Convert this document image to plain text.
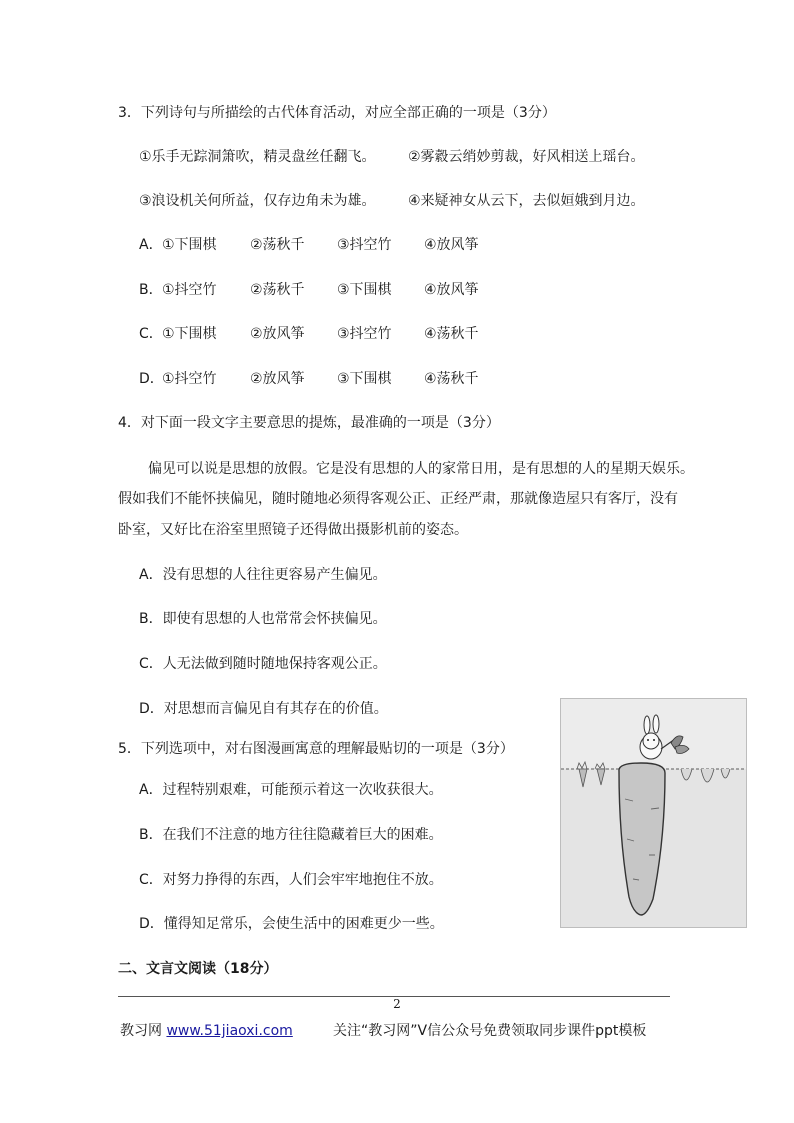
3．下列诗句与所描绘的古代体育活动，对应全部正确的一项是（3分）
①乐手无踪洞箫吹，精灵盘丝任翻飞。 ②雾縠云绡妙剪裁，好风相送上瑶台。
③浪设机关何所益，仅存边角未为雄。 ④来疑神女从云下，去似姮娥到月边。
A． ①下围棋 ②荡秋千 ③抖空竹 ④放风筝
B． ①抖空竹 ②荡秋千 ③下围棋 ④放风筝
C． ①下围棋 ②放风筝 ③抖空竹 ④荡秋千
D．
①抖空竹 ②放风筝 ③下围棋 ④荡秋千
4．对下面一段文字主要意思的提炼，最准确的一项是（3分）
偏见可以说是思想的放假。它是没有思想的人的家常日用，是有思想的人的星期天娱乐。
假如我们不能怀挟偏见，随时随地必须得客观公正、正经严肃，那就像造屋只有客厅，没有
卧室，又好比在浴室里照镜子还得做出摄影机前的姿态。
A．没有思想的人往往更容易产生偏见。
B．即使有思想的人也常常会怀挟偏见。
C．人无法做到随时随地保持客观公正。
D．对思想而言偏见自有其存在的价值。
5．下列选项中，对右图漫画寓意的理解最贴切的一项是（3分）
A．过程特别艰难，可能预示着这一次收获很大。
B．在我们不注意的地方往往隐藏着巨大的困难。
C．对努力挣得的东西，人们会牢牢地抱住不放。
D．懂得知足常乐，会使生活中的困难更少一些。
二、文言文阅读（18分）
2
教习网 www.51jiaoxi.com	关注“教习网”V信公众号免费领取同步课件ppt模板
